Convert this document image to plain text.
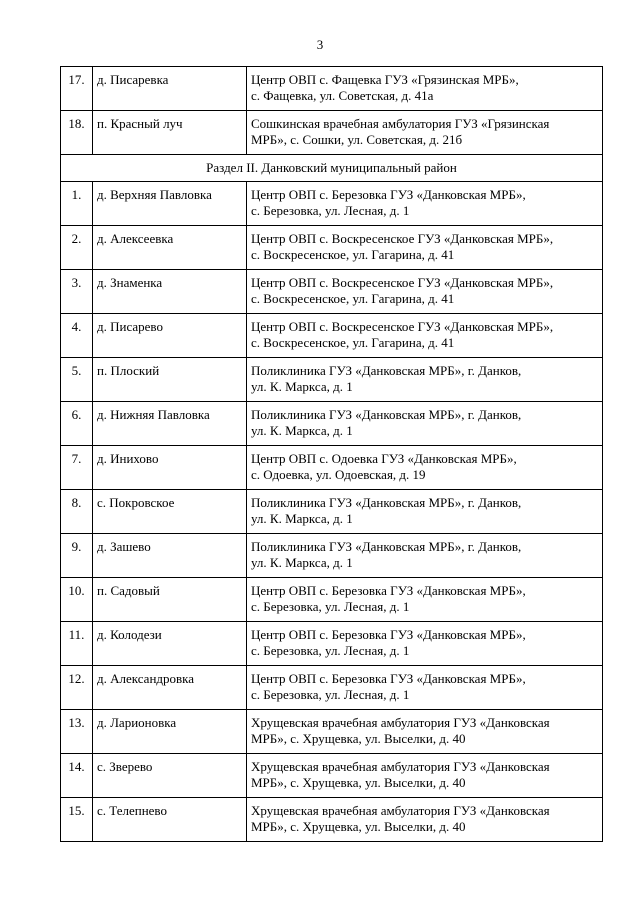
3
17.	д. Писаревка	Центр ОВП с. Фащевка ГУЗ «Грязинская МРБ»,
с. Фащевка, ул. Советская, д. 41а

18.	п. Красный луч	Сошкинская врачебная амбулатория ГУЗ «Грязинская
МРБ», с. Сошки, ул. Советская, д. 21б

Раздел II. Данковский муниципальный район		
1.	д. Верхняя Павловка	Центр ОВП с. Березовка ГУЗ «Данковская МРБ»,
с. Березовка, ул. Лесная, д. 1

2.	д. Алексеевка	Центр ОВП с. Воскресенское ГУЗ «Данковская МРБ»,
с. Воскресенское, ул. Гагарина, д. 41

3.	д. Знаменка	Центр ОВП с. Воскресенское ГУЗ «Данковская МРБ»,
с. Воскресенское, ул. Гагарина, д. 41

4.	д. Писарево	Центр ОВП с. Воскресенское ГУЗ «Данковская МРБ»,
с. Воскресенское, ул. Гагарина, д. 41

5.	п. Плоский	Поликлиника ГУЗ «Данковская МРБ», г. Данков,
ул. К. Маркса, д. 1

6.	д. Нижняя Павловка	Поликлиника ГУЗ «Данковская МРБ», г. Данков,
ул. К. Маркса, д. 1

7.	д. Инихово	Центр ОВП с. Одоевка ГУЗ «Данковская МРБ»,
с. Одоевка, ул. Одоевская, д. 19

8.	с. Покровское	Поликлиника ГУЗ «Данковская МРБ», г. Данков,
ул. К. Маркса, д. 1

9.	д. Зашево	Поликлиника ГУЗ «Данковская МРБ», г. Данков,
ул. К. Маркса, д. 1

10.	п. Садовый	Центр ОВП с. Березовка ГУЗ «Данковская МРБ»,
с. Березовка, ул. Лесная, д. 1

11.	д. Колодези	Центр ОВП с. Березовка ГУЗ «Данковская МРБ»,
с. Березовка, ул. Лесная, д. 1

12.	д. Александровка	Центр ОВП с. Березовка ГУЗ «Данковская МРБ»,
с. Березовка, ул. Лесная, д. 1

13.	д. Ларионовка	Хрущевская врачебная амбулатория ГУЗ «Данковская
МРБ», с. Хрущевка, ул. Выселки, д. 40

14.	с. Зверево	Хрущевская врачебная амбулатория ГУЗ «Данковская
МРБ», с. Хрущевка, ул. Выселки, д. 40

15.	с. Телепнево	Хрущевская врачебная амбулатория ГУЗ «Данковская
МРБ», с. Хрущевка, ул. Выселки, д. 40
